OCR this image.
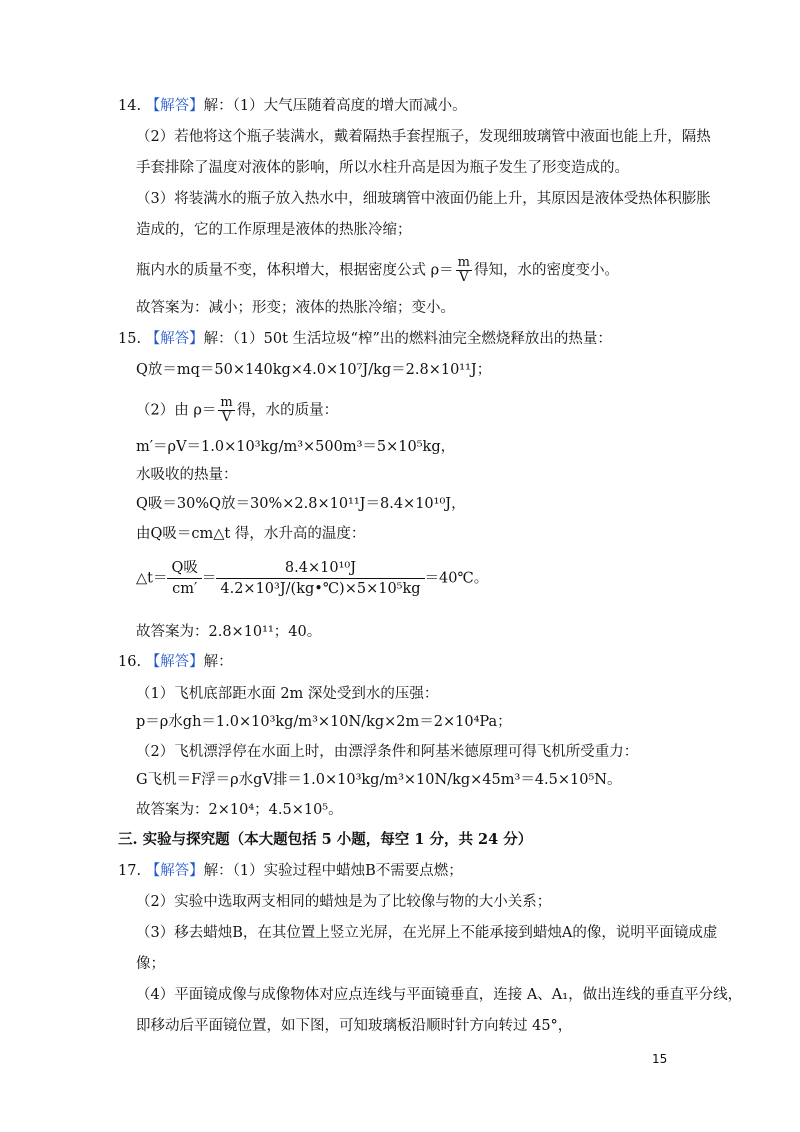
14. 【解答】解：（1）大气压随着高度的增大而减小。
（2）若他将这个瓶子装满水，戴着隔热手套捏瓶子，发现细玻璃管中液面也能上升，隔热
手套排除了温度对液体的影响，所以水柱升高是因为瓶子发生了形变造成的。
（3）将装满水的瓶子放入热水中，细玻璃管中液面仍能上升，其原因是液体受热体积膨胀
造成的，它的工作原理是液体的热胀冷缩；
瓶内水的质量不变，体积增大，根据密度公式 $\rho= \frac{m}{V}$ 得知，水的密度变小。
故答案为：减小；形变；液体的热胀冷缩；变小。
15. 【解答】解：（1）50t 生活垃圾“榨”出的燃料油完全燃烧释放出的热量：
Q放＝mq＝50×140kg×4.0×10⁷J/kg＝2.8×10¹¹J；
（2）由 $\rho= \frac{m}{V}$ 得，水的质量：
m′＝ρV＝1.0×10³kg/m³×500m³＝5×10⁵kg，
水吸收的热量：
Q吸＝30%Q放＝30%×2.8×10¹¹J＝8.4×10¹⁰J，
由Q吸＝cm△t 得，水升高的温度：
△t＝ $\frac{\text{Q吸}}{cm'} = \frac{\text{8.4×10¹⁰J}}{\text{4.2×10³J/(kg•℃)×5×10⁵kg}}$ ＝40℃。
故答案为：2.8×10¹¹；40。
16. 【解答】解：
（1）飞机底部距水面 2m 深处受到水的压强：
p＝ρ水gh＝1.0×10³kg/m³×10N/kg×2m＝2×10⁴Pa；
（2）飞机漂浮停在水面上时，由漂浮条件和阿基米德原理可得飞机所受重力：
G飞机＝F浮＝ρ水gV排＝1.0×10³kg/m³×10N/kg×45m³＝4.5×10⁵N。
故答案为：2×10⁴；4.5×10⁵。
三. 实验与探究题（本大题包括 5 小题，每空 1 分，共 24 分）
17. 【解答】解：（1）实验过程中蜡烛B不需要点燃；
（2）实验中选取两支相同的蜡烛是为了比较像与物的大小关系；
（3）移去蜡烛B，在其位置上竖立光屏，在光屏上不能承接到蜡烛A的像，说明平面镜成虚
像；
（4）平面镜成像与成像物体对应点连线与平面镜垂直，连接 A、A₁，做出连线的垂直平分线，
即移动后平面镜位置，如下图，可知玻璃板沿顺时针方向转过 45°，
15
